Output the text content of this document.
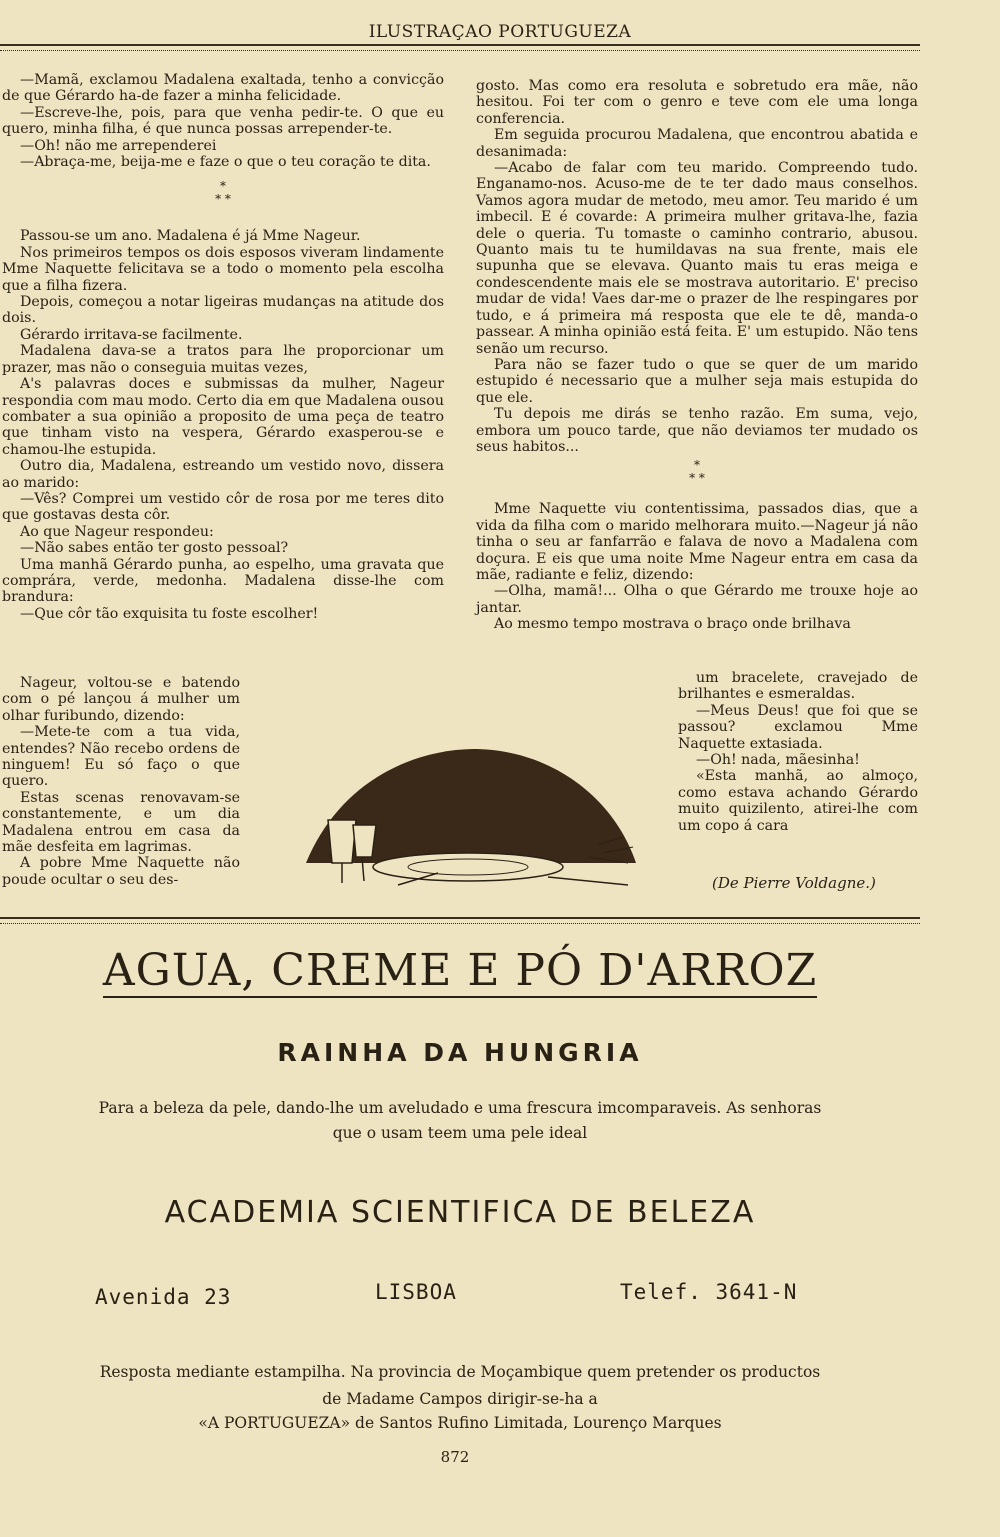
ILUSTRAÇAO PORTUGUEZA

—Mamã, exclamou Madalena exaltada, tenho a convicção de que Gérardo ha-de fazer a minha felicidade.

—Escreve-lhe, pois, para que venha pedir-te. O que eu quero, minha filha, é que nunca possas arrepender-te.

—Oh! não me arrependerei

—Abraça-me, beija-me e faze o que o teu coração te dita.

*
* *

Passou-se um ano. Madalena é já Mme Nageur.

Nos primeiros tempos os dois esposos viveram lindamente Mme Naquette felicitava se a todo o momento pela escolha que a filha fizera.

Depois, começou a notar ligeiras mudanças na atitude dos dois.

Gérardo irritava-se facilmente.

Madalena dava-se a tratos para lhe proporcionar um prazer, mas não o conseguia muitas vezes,

A's palavras doces e submissas da mulher, Nageur respondia com mau modo. Certo dia em que Madalena ousou combater a sua opinião a proposito de uma peça de teatro que tinham visto na vespera, Gérardo exasperou-se e chamou-lhe estupida.

Outro dia, Madalena, estreando um vestido novo, dissera ao marido:

—Vês? Comprei um vestido côr de rosa por me teres dito que gostavas desta côr.

Ao que Nageur respondeu:

—Não sabes então ter gosto pessoal?

Uma manhã Gérardo punha, ao espelho, uma gravata que comprára, verde, medonha. Madalena disse-lhe com brandura:

—Que côr tão exquisita tu foste escolher!

Nageur, voltou-se e batendo com o pé lançou á mulher um olhar furibundo, dizendo:

—Mete-te com a tua vida, entendes? Não recebo ordens de ninguem! Eu só faço o que quero.

Estas scenas renovavam-se constantemente, e um dia Madalena entrou em casa da mãe desfeita em lagrimas.

A pobre Mme Naquette não poude ocultar o seu des-

gosto. Mas como era resoluta e sobretudo era mãe, não hesitou. Foi ter com o genro e teve com ele uma longa conferencia.

Em seguida procurou Madalena, que encontrou abatida e desanimada:

—Acabo de falar com teu marido. Compreendo tudo. Enganamo-nos. Acuso-me de te ter dado maus conselhos. Vamos agora mudar de metodo, meu amor. Teu marido é um imbecil. E é covarde: A primeira mulher gritava-lhe, fazia dele o queria. Tu tomaste o caminho contrario, abusou. Quanto mais tu te humildavas na sua frente, mais ele supunha que se elevava. Quanto mais tu eras meiga e condescendente mais ele se mostrava autoritario. E' preciso mudar de vida! Vaes dar-me o prazer de lhe respingares por tudo, e á primeira má resposta que ele te dê, manda-o passear. A minha opinião está feita. E' um estupido. Não tens senão um recurso.

Para não se fazer tudo o que se quer de um marido estupido é necessario que a mulher seja mais estupida do que ele.

Tu depois me dirás se tenho razão. Em suma, vejo, embora um pouco tarde, que não deviamos ter mudado os seus habitos...

*
* *

Mme Naquette viu contentissima, passados dias, que a vida da filha com o marido melhorara muito.—Nageur já não tinha o seu ar fanfarrão e falava de novo a Madalena com doçura. E eis que uma noite Mme Nageur entra em casa da mãe, radiante e feliz, dizendo:

—Olha, mamã!... Olha o que Gérardo me trouxe hoje ao jantar.

Ao mesmo tempo mostrava o braço onde brilhava

um bracelete, cravejado de brilhantes e esmeraldas.

—Meus Deus! que foi que se passou? exclamou Mme Naquette extasiada.

—Oh! nada, mãesinha!

«Esta manhã, ao almoço, como estava achando Gérardo muito quizilento, atirei-lhe com um copo á cara

(De Pierre Voldagne.)
AGUA, CREME E PÓ D'ARROZ
RAINHA DA HUNGRIA
Para a beleza da pele, dando-lhe um aveludado e uma frescura imcomparaveis. As senhoras
que o usam teem uma pele ideal
ACADEMIA SCIENTIFICA DE BELEZA
Avenida 23	LISBOA	Telef. 3641-N
Resposta mediante estampilha. Na provincia de Moçambique quem pretender os productos
de Madame Campos dirigir-se-ha a
«A PORTUGUEZA» de Santos Rufino Limitada, Lourenço Marques
872
